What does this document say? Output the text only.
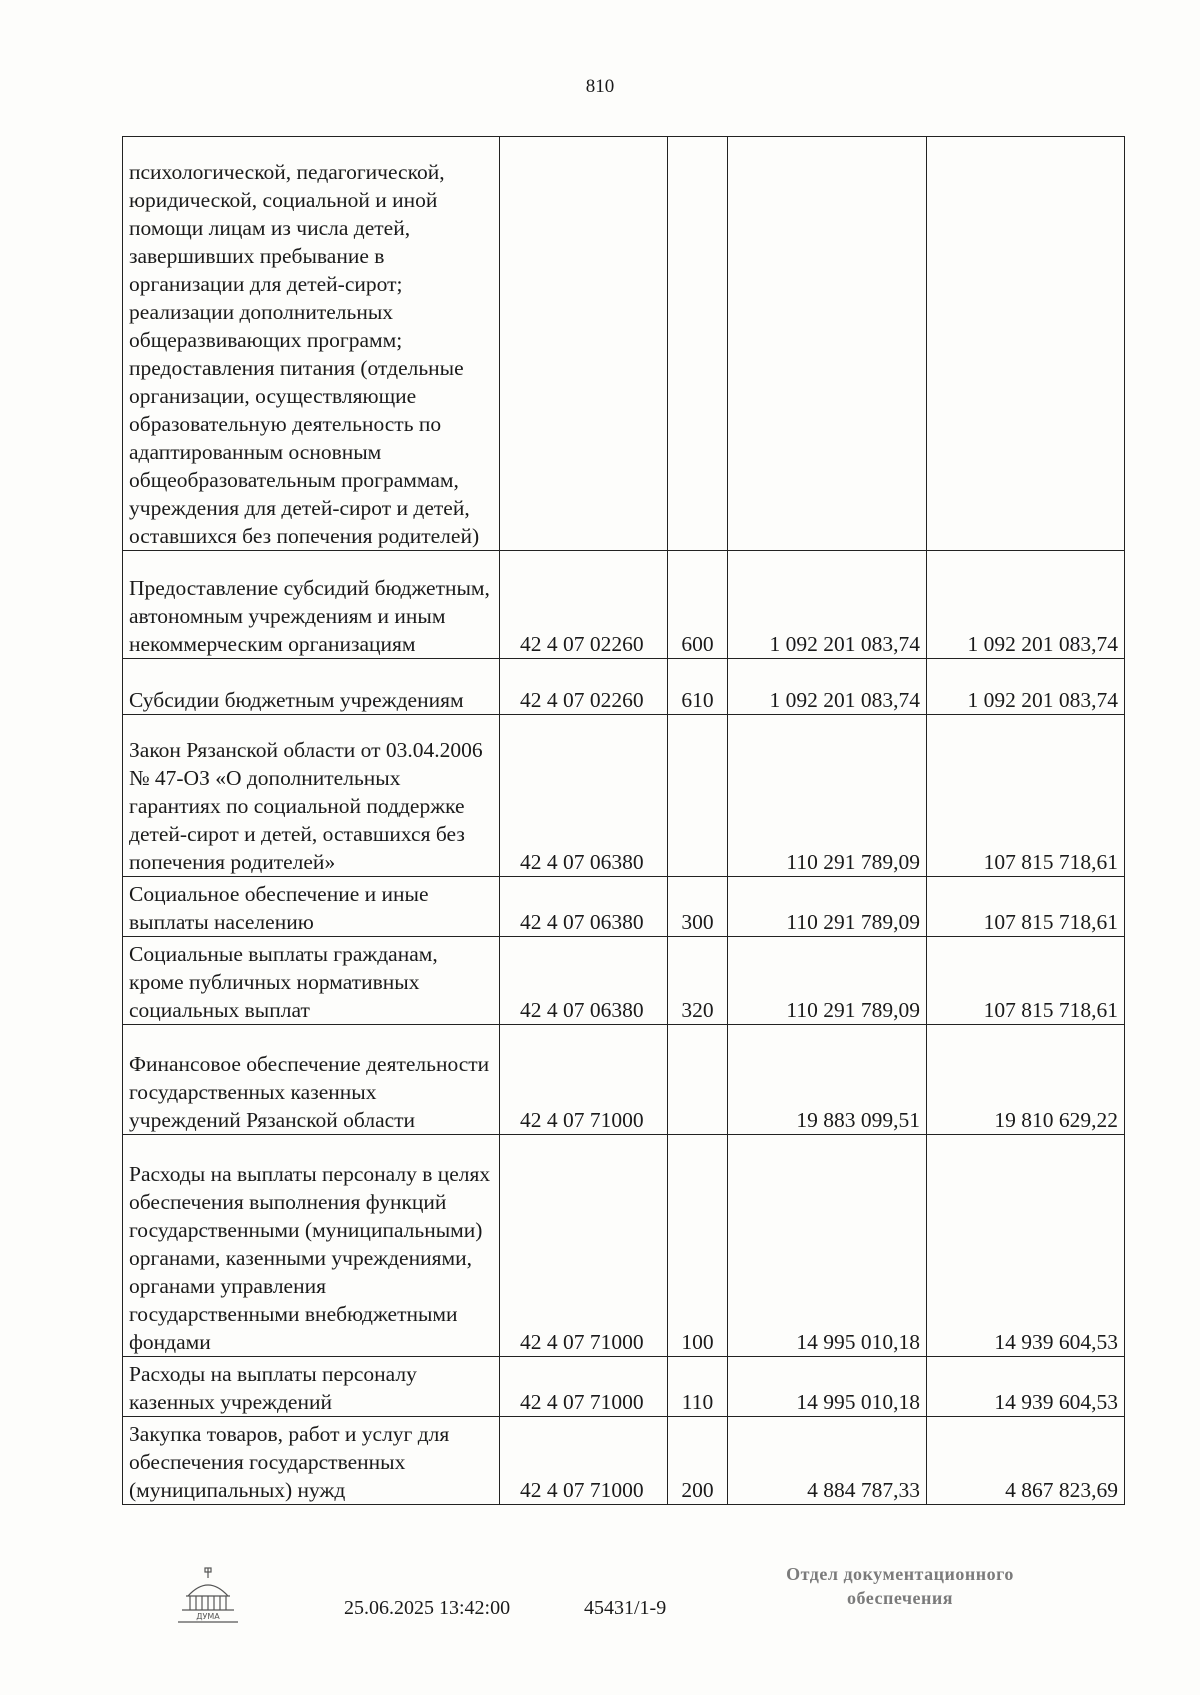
810
психологической, педагогической, юридической, социальной и иной помощи лицам из числа детей, завершивших пребывание в организации для детей-сирот; реализации дополнительных общеразвивающих программ; предоставления питания (отдельные организации, осуществляющие образовательную деятельность по адаптированным основным общеобразовательным программам, учреждения для детей-сирот и детей, оставшихся без попечения родителей)				
Предоставление субсидий бюджетным, автономным учреждениям и иным некоммерческим организациям	42 4 07 02260	600	1 092 201 083,74	1 092 201 083,74
Субсидии бюджетным учреждениям	42 4 07 02260	610	1 092 201 083,74	1 092 201 083,74
Закон Рязанской области от 03.04.2006 № 47-ОЗ «О дополнительных гарантиях по социальной поддержке детей-сирот и детей, оставшихся без попечения родителей»	42 4 07 06380		110 291 789,09	107 815 718,61
Социальное обеспечение и иные выплаты населению	42 4 07 06380	300	110 291 789,09	107 815 718,61
Социальные выплаты гражданам, кроме публичных нормативных социальных выплат	42 4 07 06380	320	110 291 789,09	107 815 718,61
Финансовое обеспечение деятельности государственных казенных учреждений Рязанской области	42 4 07 71000		19 883 099,51	19 810 629,22
Расходы на выплаты персоналу в целях обеспечения выполнения функций государственными (муниципальными) органами, казенными учреждениями, органами управления государственными внебюджетными фондами	42 4 07 71000	100	14 995 010,18	14 939 604,53
Расходы на выплаты персоналу казенных учреждений	42 4 07 71000	110	14 995 010,18	14 939 604,53
Закупка товаров, работ и услуг для обеспечения государственных (муниципальных) нужд	42 4 07 71000	200	4 884 787,33	4 867 823,69
ДУМА	25.06.2025 13:42:00	45431/1-9
Отдел документационного
обеспечения
